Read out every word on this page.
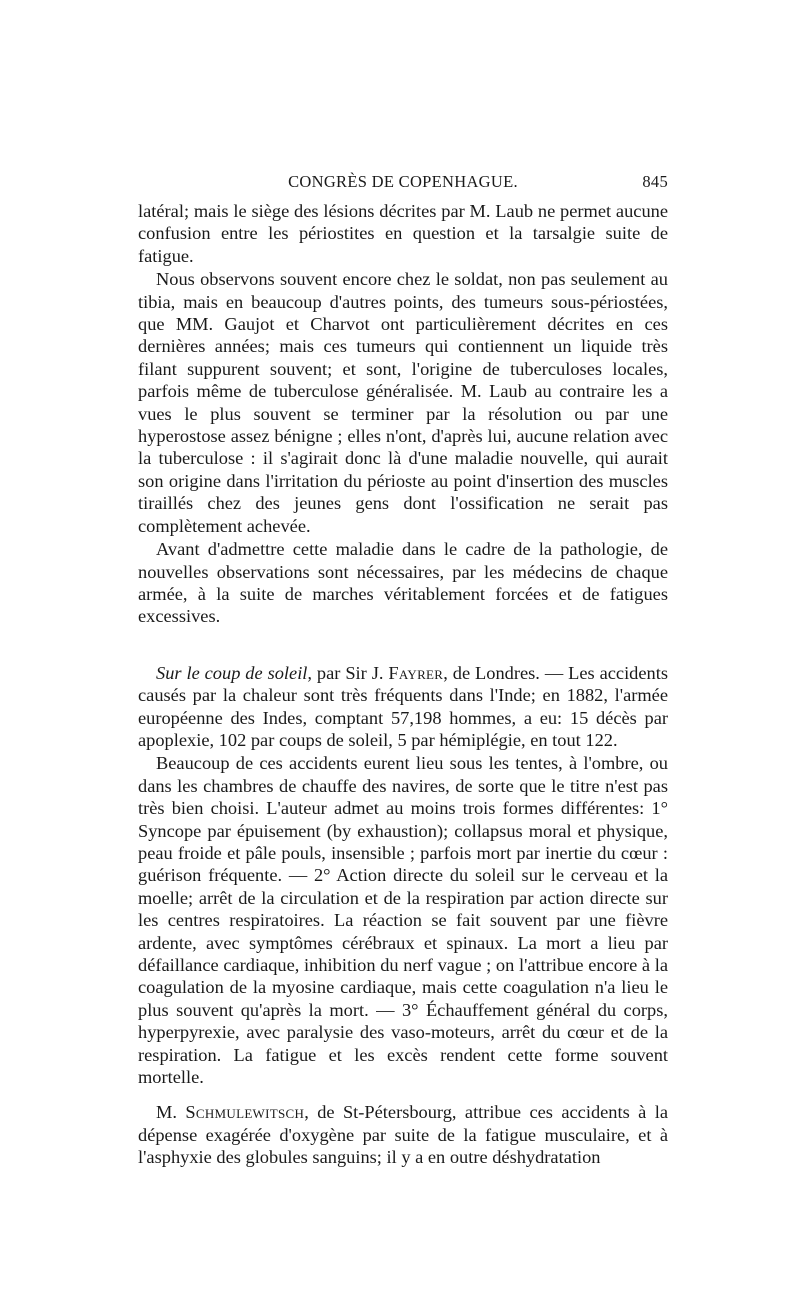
CONGRÈS DE COPENHAGUE.	845

latéral; mais le siège des lésions décrites par M. Laub ne permet aucune confusion entre les périostites en question et la tarsalgie suite de fatigue.

Nous observons souvent encore chez le soldat, non pas seulement au tibia, mais en beaucoup d'autres points, des tumeurs sous-périostées, que MM. Gaujot et Charvot ont particulièrement décrites en ces dernières années; mais ces tumeurs qui contiennent un liquide très filant suppurent souvent; et sont, l'origine de tuberculoses locales, parfois même de tuberculose généralisée. M. Laub au contraire les a vues le plus souvent se terminer par la résolution ou par une hyperostose assez bénigne ; elles n'ont, d'après lui, aucune relation avec la tuberculose : il s'agirait donc là d'une maladie nouvelle, qui aurait son origine dans l'irritation du périoste au point d'insertion des muscles tiraillés chez des jeunes gens dont l'ossification ne serait pas complètement achevée.

Avant d'admettre cette maladie dans le cadre de la pathologie, de nouvelles observations sont nécessaires, par les médecins de chaque armée, à la suite de marches véritablement forcées et de fatigues excessives.

Sur le coup de soleil, par Sir J. Fayrer, de Londres. — Les accidents causés par la chaleur sont très fréquents dans l'Inde; en 1882, l'armée européenne des Indes, comptant 57,198 hommes, a eu: 15 décès par apoplexie, 102 par coups de soleil, 5 par hémiplégie, en tout 122.

Beaucoup de ces accidents eurent lieu sous les tentes, à l'ombre, ou dans les chambres de chauffe des navires, de sorte que le titre n'est pas très bien choisi. L'auteur admet au moins trois formes différentes: 1° Syncope par épuisement (by exhaustion); collapsus moral et physique, peau froide et pâle pouls, insensible ; parfois mort par inertie du cœur : guérison fréquente. — 2° Action directe du soleil sur le cerveau et la moelle; arrêt de la circulation et de la respiration par action directe sur les centres respiratoires. La réaction se fait souvent par une fièvre ardente, avec symptômes cérébraux et spinaux. La mort a lieu par défaillance cardiaque, inhibition du nerf vague ; on l'attribue encore à la coagulation de la myosine cardiaque, mais cette coagulation n'a lieu le plus souvent qu'après la mort. — 3° Échauffement général du corps, hyperpyrexie, avec paralysie des vaso-moteurs, arrêt du cœur et de la respiration. La fatigue et les excès rendent cette forme souvent mortelle.

M. Schmulewitsch, de St-Pétersbourg, attribue ces accidents à la dépense exagérée d'oxygène par suite de la fatigue musculaire, et à l'asphyxie des globules sanguins; il y a en outre déshydratation
